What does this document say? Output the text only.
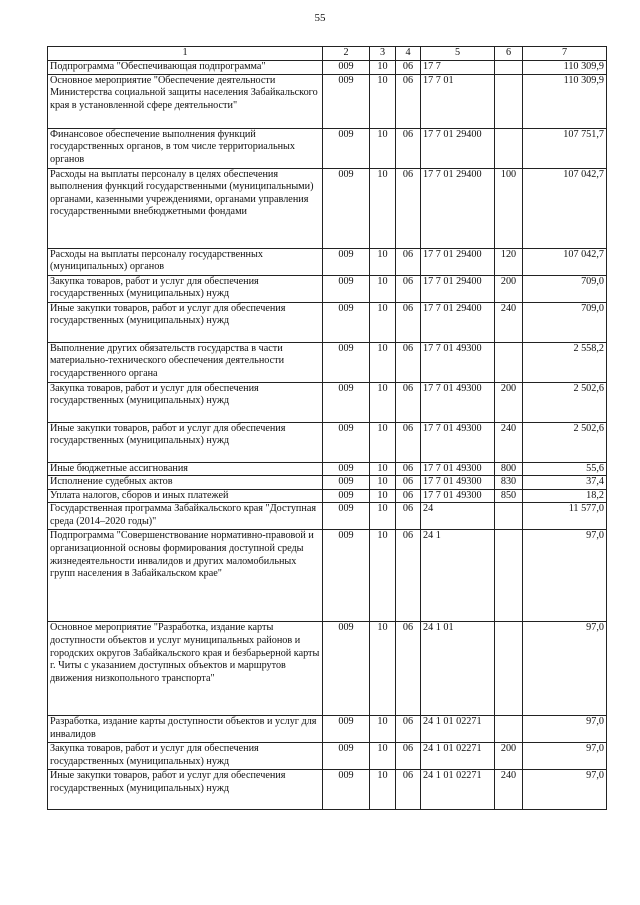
55
1	2	3	4	5	6	7
Подпрограмма "Обеспечивающая подпрограмма"	009	10	06	17 7		110 309,9
Основное мероприятие "Обеспечение деятельности Министерства социальной защиты населения Забайкальского края в установленной сфере деятельности"	009	10	06	17 7 01		110 309,9
Финансовое обеспечение выполнения функций государственных органов, в том числе территориальных органов	009	10	06	17 7 01 29400		107 751,7
Расходы на выплаты персоналу в целях обеспечения выполнения функций государственными (муниципальными) органами, казенными учреждениями, органами управления государственными внебюджетными фондами	009	10	06	17 7 01 29400	100	107 042,7
Расходы на выплаты персоналу государственных (муниципальных) органов	009	10	06	17 7 01 29400	120	107 042,7
Закупка товаров, работ и услуг для обеспечения государственных (муниципальных) нужд	009	10	06	17 7 01 29400	200	709,0
Иные закупки товаров, работ и услуг для обеспечения государственных (муниципальных) нужд	009	10	06	17 7 01 29400	240	709,0
Выполнение других обязательств государства в части материально-технического обеспечения деятельности государственного органа	009	10	06	17 7 01 49300		2 558,2
Закупка товаров, работ и услуг для обеспечения государственных (муниципальных) нужд	009	10	06	17 7 01 49300	200	2 502,6
Иные закупки товаров, работ и услуг для обеспечения государственных (муниципальных) нужд	009	10	06	17 7 01 49300	240	2 502,6
Иные бюджетные ассигнования	009	10	06	17 7 01 49300	800	55,6
Исполнение судебных актов	009	10	06	17 7 01 49300	830	37,4
Уплата налогов, сборов и иных платежей	009	10	06	17 7 01 49300	850	18,2
Государственная программа Забайкальского края "Доступная среда (2014–2020 годы)"	009	10	06	24		11 577,0
Подпрограмма "Совершенствование нормативно-правовой и организационной основы формирования доступной среды жизнедеятельности инвалидов и других маломобильных групп населения в Забайкальском крае"	009	10	06	24 1		97,0
Основное мероприятие "Разработка, издание карты доступности объектов и услуг муниципальных районов и городских округов Забайкальского края и безбарьерной карты г. Читы с указанием доступных объектов и маршрутов движения низкопольного транспорта"	009	10	06	24 1 01		97,0
Разработка, издание карты доступности объектов и услуг для инвалидов	009	10	06	24 1 01 02271		97,0
Закупка товаров, работ и услуг для обеспечения государственных (муниципальных) нужд	009	10	06	24 1 01 02271	200	97,0
Иные закупки товаров, работ и услуг для обеспечения государственных (муниципальных) нужд	009	10	06	24 1 01 02271	240	97,0
